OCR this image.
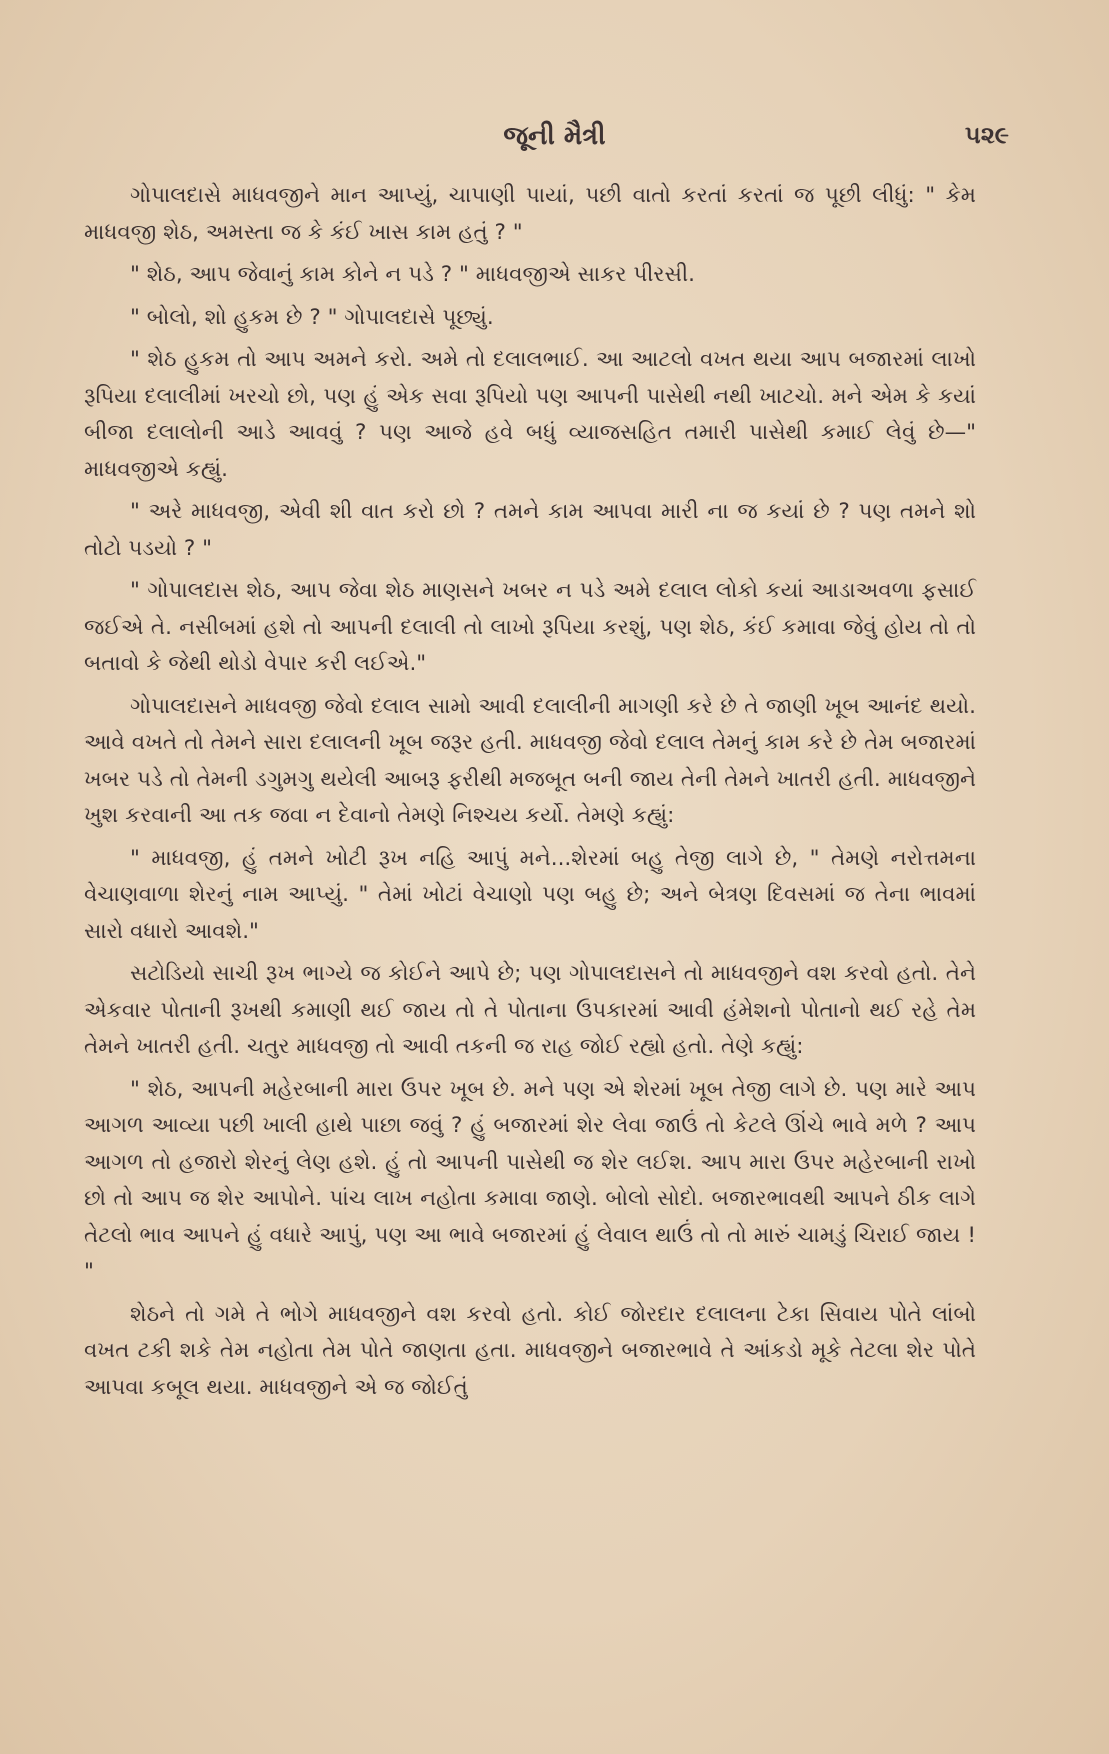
જૂની મૈત્રી	૫૨૯

ગોપાલદાસે માધવજીને માન આપ્યું, ચાપાણી પાયાં, પછી વાતો કરતાં કરતાં જ પૂછી લીધું: " કેમ માધવજી શેઠ, અમસ્તા જ કે કંઈ ખાસ કામ હતું ? "

" શેઠ, આપ જેવાનું કામ કોને ન પડે ? " માધવજીએ સાકર પીરસી.

" બોલો, શો હુકમ છે ? " ગોપાલદાસે પૂછ્યું.

" શેઠ હુકમ તો આપ અમને કરો. અમે તો દલાલભાઈ. આ આટલો વખત થયા આપ બજારમાં લાખો રૂપિયા દલાલીમાં ખરચો છો, પણ હું એક સવા રૂપિયો પણ આપની પાસેથી નથી ખાટચો. મને એમ કે કયાં બીજા દલાલોની આડે આવવું ? પણ આજે હવે બધું વ્યાજસહિત તમારી પાસેથી કમાઈ લેવું છે—" માધવજીએ કહ્યું.

" અરે માધવજી, એવી શી વાત કરો છો ? તમને કામ આપવા મારી ના જ કયાં છે ? પણ તમને શો તોટો પડયો ? "

" ગોપાલદાસ શેઠ, આપ જેવા શેઠ માણસને ખબર ન પડે અમે દલાલ લોકો કયાં આડાઅવળા ફસાઈ જઈએ તે. નસીબમાં હશે તો આપની દલાલી તો લાખો રૂપિયા કરશું, પણ શેઠ, કંઈ કમાવા જેવું હોય તો તો બતાવો કે જેથી થોડો વેપાર કરી લઈએ."

ગોપાલદાસને માધવજી જેવો દલાલ સામો આવી દલાલીની માગણી કરે છે તે જાણી ખૂબ આનંદ થયો. આવે વખતે તો તેમને સારા દલાલની ખૂબ જરૂર હતી. માધવજી જેવો દલાલ તેમનું કામ કરે છે તેમ બજારમાં ખબર પડે તો તેમની ડગુમગુ થયેલી આબરૂ ફરીથી મજબૂત બની જાય તેની તેમને ખાતરી હતી. માધવજીને ખુશ કરવાની આ તક જવા ન દેવાનો તેમણે નિશ્ચય કર્યો. તેમણે કહ્યું:

" માધવજી, હું તમને ખોટી રૂખ નહિ આપું મને...શેરમાં બહુ તેજી લાગે છે, " તેમણે નરોત્તમના વેચાણવાળા શેરનું નામ આપ્યું. " તેમાં ખોટાં વેચાણો પણ બહુ છે; અને બેત્રણ દિવસમાં જ તેના ભાવમાં સારો વધારો આવશે."

સટોડિયો સાચી રૂખ ભાગ્યે જ કોઈને આપે છે; પણ ગોપાલદાસને તો માધવજીને વશ કરવો હતો. તેને એકવાર પોતાની રૂખથી કમાણી થઈ જાય તો તે પોતાના ઉપકારમાં આવી હંમેશનો પોતાનો થઈ રહે તેમ તેમને ખાતરી હતી. ચતુર માધવજી તો આવી તકની જ રાહ જોઈ રહ્યો હતો. તેણે કહ્યું:

" શેઠ, આપની મહેરબાની મારા ઉપર ખૂબ છે. મને પણ એ શેરમાં ખૂબ તેજી લાગે છે. પણ મારે આપ આગળ આવ્યા પછી ખાલી હાથે પાછા જવું ? હું બજારમાં શેર લેવા જાઉં તો કેટલે ઊંચે ભાવે મળે ? આપ આગળ તો હજારો શેરનું લેણ હશે. હું તો આપની પાસેથી જ શેર લઈશ. આપ મારા ઉપર મહેરબાની રાખો છો તો આપ જ શેર આપોને. પાંચ લાખ નહોતા કમાવા જાણે. બોલો સોદો. બજારભાવથી આપને ઠીક લાગે તેટલો ભાવ આપને હું વધારે આપું, પણ આ ભાવે બજારમાં હું લેવાલ થાઉં તો તો મારું ચામડું ચિરાઈ જાય ! "

શેઠને તો ગમે તે ભોગે માધવજીને વશ કરવો હતો. કોઈ જોરદાર દલાલના ટેકા સિવાય પોતે લાંબો વખત ટકી શકે તેમ નહોતા તેમ પોતે જાણતા હતા. માધવજીને બજારભાવે તે આંકડો મૂકે તેટલા શેર પોતે આપવા કબૂલ થયા. માધવજીને એ જ જોઈતું
